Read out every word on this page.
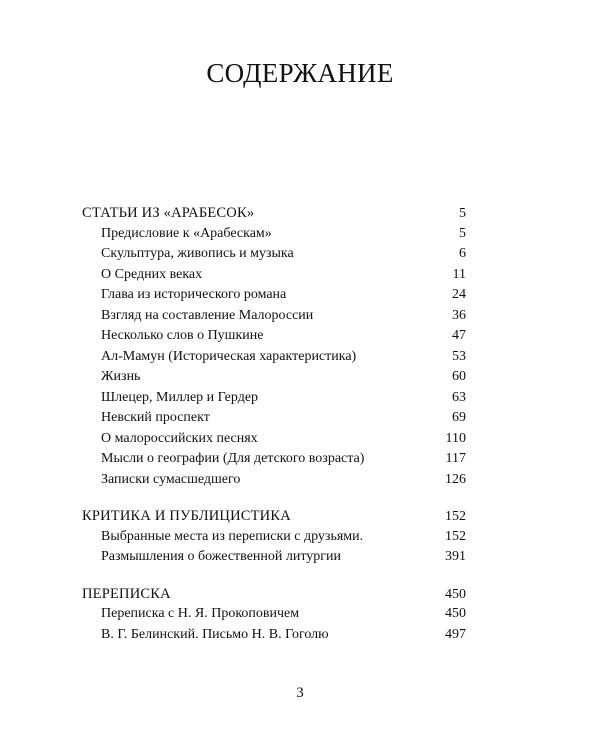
СОДЕРЖАНИЕ
СТАТЬИ ИЗ «АРАБЕСОК»	5
Предисловие к «Арабескам»	5
Скульптура, живопись и музыка	6
О Средних веках	11
Глава из исторического романа	24
Взгляд на составление Малороссии	36
Несколько слов о Пушкине	47
Ал-Мамун (Историческая характеристика)	53
Жизнь	60
Шлецер, Миллер и Гердер	63
Невский проспект	69
О малороссийских песнях	110
Мысли о географии (Для детского возраста)	117
Записки сумасшедшего	126
КРИТИКА И ПУБЛИЦИСТИКА	152
Выбранные места из переписки с друзьями.	152
Размышления о божественной литургии	391
ПЕРЕПИСКА	450
Переписка с Н. Я. Прокоповичем	450
В. Г. Белинский. Письмо Н. В. Гоголю	497
3
